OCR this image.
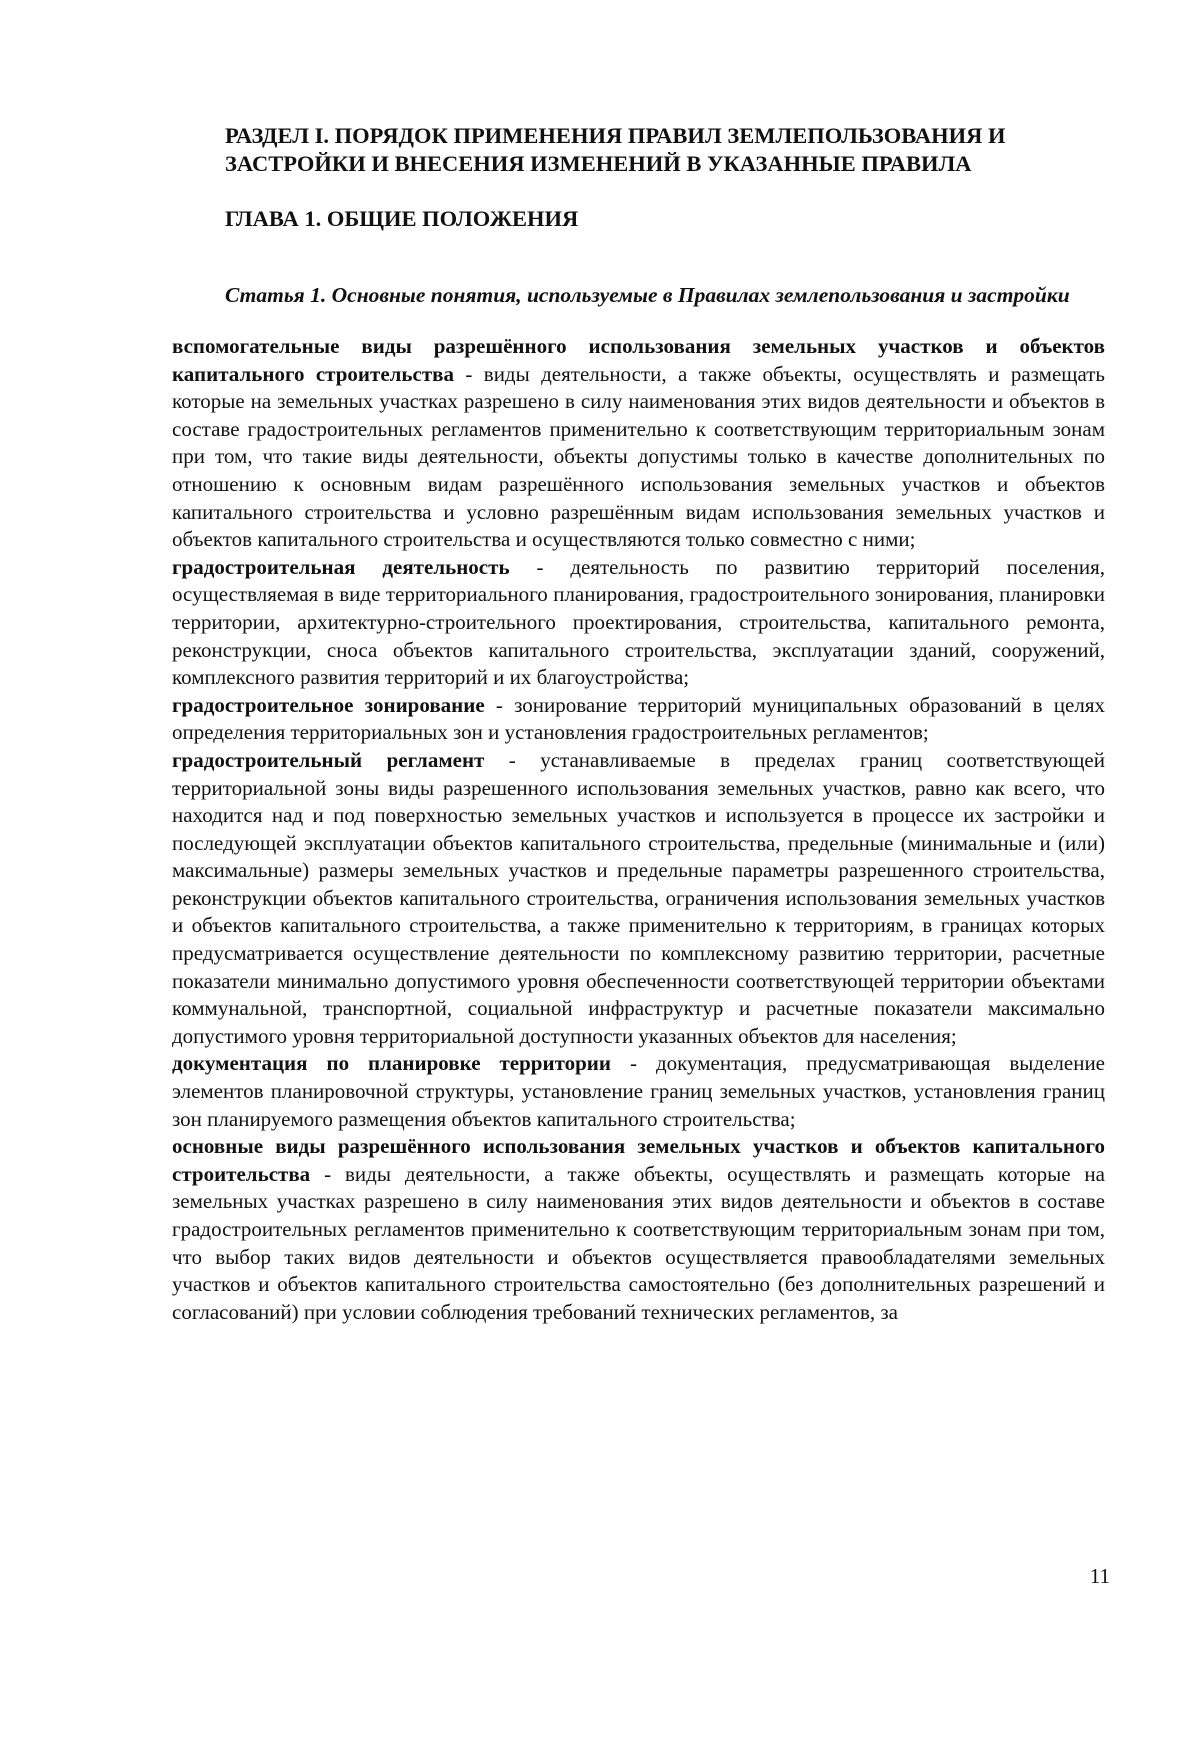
РАЗДЕЛ I. ПОРЯДОК ПРИМЕНЕНИЯ ПРАВИЛ ЗЕМЛЕПОЛЬЗОВАНИЯ И ЗАСТРОЙКИ И ВНЕСЕНИЯ ИЗМЕНЕНИЙ В УКАЗАННЫЕ ПРАВИЛА
ГЛАВА 1. ОБЩИЕ ПОЛОЖЕНИЯ
Статья 1. Основные понятия, используемые в Правилах землепользования и застройки

вспомогательные виды разрешённого использования земельных участков и объектов капитального строительства - виды деятельности, а также объекты, осуществлять и размещать которые на земельных участках разрешено в силу наименования этих видов деятельности и объектов в составе градостроительных регламентов применительно к соответствующим территориальным зонам при том, что такие виды деятельности, объекты допустимы только в качестве дополнительных по отношению к основным видам разрешённого использования земельных участков и объектов капитального строительства и условно разрешённым видам использования земельных участков и объектов капитального строительства и осуществляются только совместно с ними;

градостроительная деятельность - деятельность по развитию территорий поселения, осуществляемая в виде территориального планирования, градостроительного зонирования, планировки территории, архитектурно-строительного проектирования, строительства, капитального ремонта, реконструкции, сноса объектов капитального строительства, эксплуатации зданий, сооружений, комплексного развития территорий и их благоустройства;

градостроительное зонирование - зонирование территорий муниципальных образований в целях определения территориальных зон и установления градостроительных регламентов;

градостроительный регламент - устанавливаемые в пределах границ соответствующей территориальной зоны виды разрешенного использования земельных участков, равно как всего, что находится над и под поверхностью земельных участков и используется в процессе их застройки и последующей эксплуатации объектов капитального строительства, предельные (минимальные и (или) максимальные) размеры земельных участков и предельные параметры разрешенного строительства, реконструкции объектов капитального строительства, ограничения использования земельных участков и объектов капитального строительства, а также применительно к территориям, в границах которых предусматривается осуществление деятельности по комплексному развитию территории, расчетные показатели минимально допустимого уровня обеспеченности соответствующей территории объектами коммунальной, транспортной, социальной инфраструктур и расчетные показатели максимально допустимого уровня территориальной доступности указанных объектов для населения;

документация по планировке территории - документация, предусматривающая выделение элементов планировочной структуры, установление границ земельных участков, установления границ зон планируемого размещения объектов капитального строительства;

основные виды разрешённого использования земельных участков и объектов капитального строительства - виды деятельности, а также объекты, осуществлять и размещать которые на земельных участках разрешено в силу наименования этих видов деятельности и объектов в составе градостроительных регламентов применительно к соответствующим территориальным зонам при том, что выбор таких видов деятельности и объектов осуществляется правообладателями земельных участков и объектов капитального строительства самостоятельно (без дополнительных разрешений и согласований) при условии соблюдения требований технических регламентов, за

11
